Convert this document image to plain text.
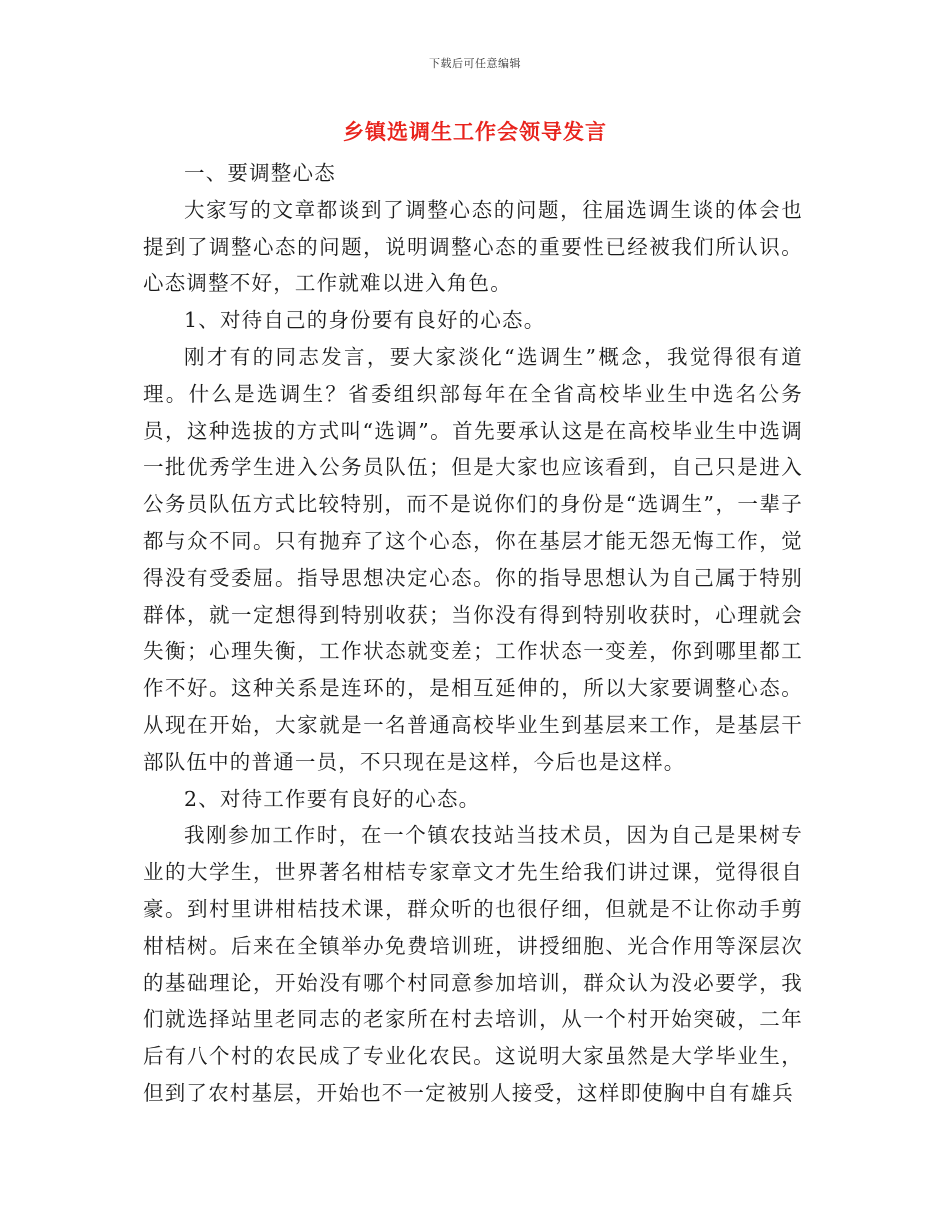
下载后可任意编辑
乡镇选调生工作会领导发言

一、要调整心态

大家写的文章都谈到了调整心态的问题，往届选调生谈的体会也提到了调整心态的问题，说明调整心态的重要性已经被我们所认识。心态调整不好，工作就难以进入角色。

1、对待自己的身份要有良好的心态。

刚才有的同志发言，要大家淡化“选调生”概念，我觉得很有道理。什么是选调生？省委组织部每年在全省高校毕业生中选名公务员，这种选拔的方式叫“选调”。首先要承认这是在高校毕业生中选调一批优秀学生进入公务员队伍；但是大家也应该看到，自己只是进入公务员队伍方式比较特别，而不是说你们的身份是“选调生”，一辈子都与众不同。只有抛弃了这个心态，你在基层才能无怨无悔工作，觉得没有受委屈。指导思想决定心态。你的指导思想认为自己属于特别群体，就一定想得到特别收获；当你没有得到特别收获时，心理就会失衡；心理失衡，工作状态就变差；工作状态一变差，你到哪里都工作不好。这种关系是连环的，是相互延伸的，所以大家要调整心态。从现在开始，大家就是一名普通高校毕业生到基层来工作，是基层干部队伍中的普通一员，不只现在是这样，今后也是这样。

2、对待工作要有良好的心态。

我刚参加工作时，在一个镇农技站当技术员，因为自己是果树专业的大学生，世界著名柑桔专家章文才先生给我们讲过课，觉得很自豪。到村里讲柑桔技术课，群众听的也很仔细，但就是不让你动手剪柑桔树。后来在全镇举办免费培训班，讲授细胞、光合作用等深层次的基础理论，开始没有哪个村同意参加培训，群众认为没必要学，我们就选择站里老同志的老家所在村去培训，从一个村开始突破，二年后有八个村的农民成了专业化农民。这说明大家虽然是大学毕业生，但到了农村基层，开始也不一定被别人接受，这样即使胸中自有雄兵
